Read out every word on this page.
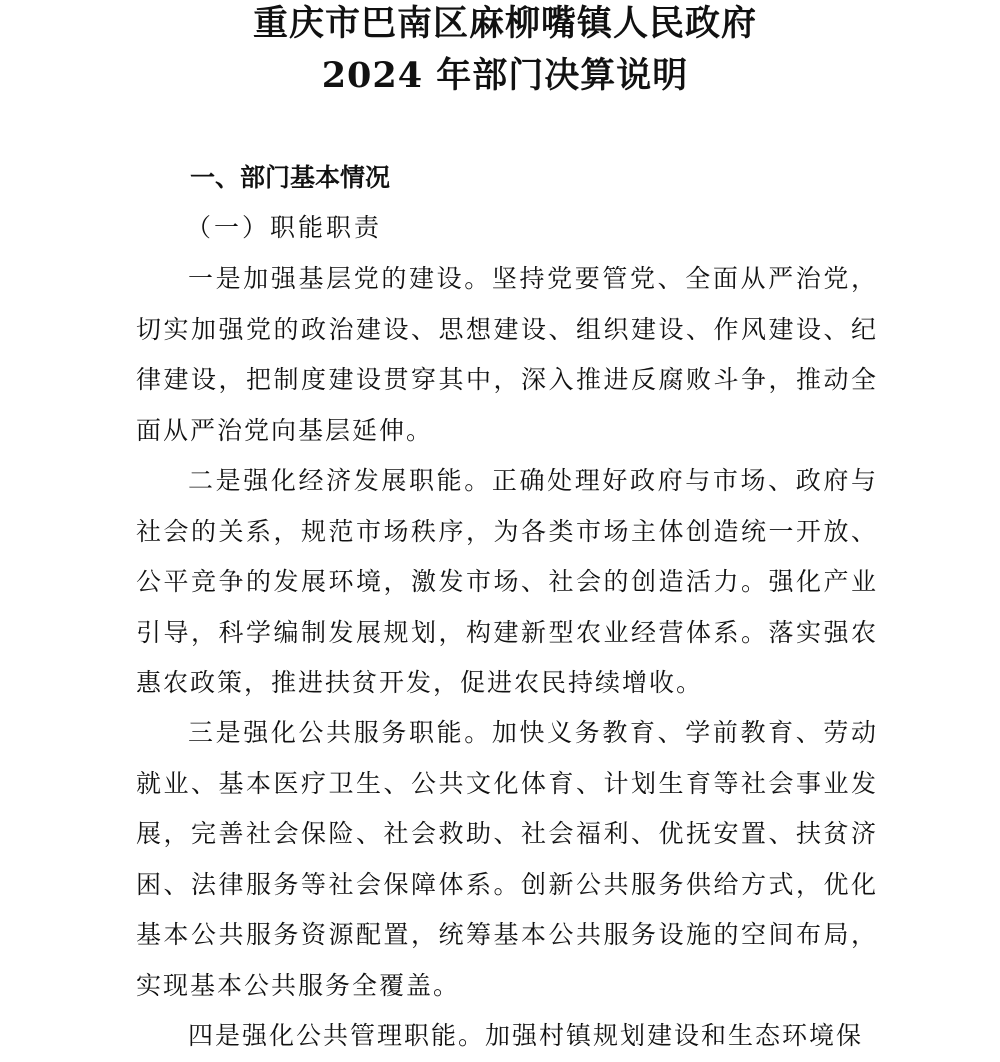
重庆市巴南区麻柳嘴镇人民政府
2024 年部门决算说明
一、部门基本情况
（一）职能职责

一是加强基层党的建设。坚持党要管党、全面从严治党，切实加强党的政治建设、思想建设、组织建设、作风建设、纪律建设，把制度建设贯穿其中，深入推进反腐败斗争，推动全面从严治党向基层延伸。

二是强化经济发展职能。正确处理好政府与市场、政府与社会的关系，规范市场秩序，为各类市场主体创造统一开放、公平竞争的发展环境，激发市场、社会的创造活力。强化产业引导，科学编制发展规划，构建新型农业经营体系。落实强农惠农政策，推进扶贫开发，促进农民持续增收。

三是强化公共服务职能。加快义务教育、学前教育、劳动就业、基本医疗卫生、公共文化体育、计划生育等社会事业发展，完善社会保险、社会救助、社会福利、优抚安置、扶贫济困、法律服务等社会保障体系。创新公共服务供给方式，优化基本公共服务资源配置，统筹基本公共服务设施的空间布局，实现基本公共服务全覆盖。

四是强化公共管理职能。加强村镇规划建设和生态环境保
